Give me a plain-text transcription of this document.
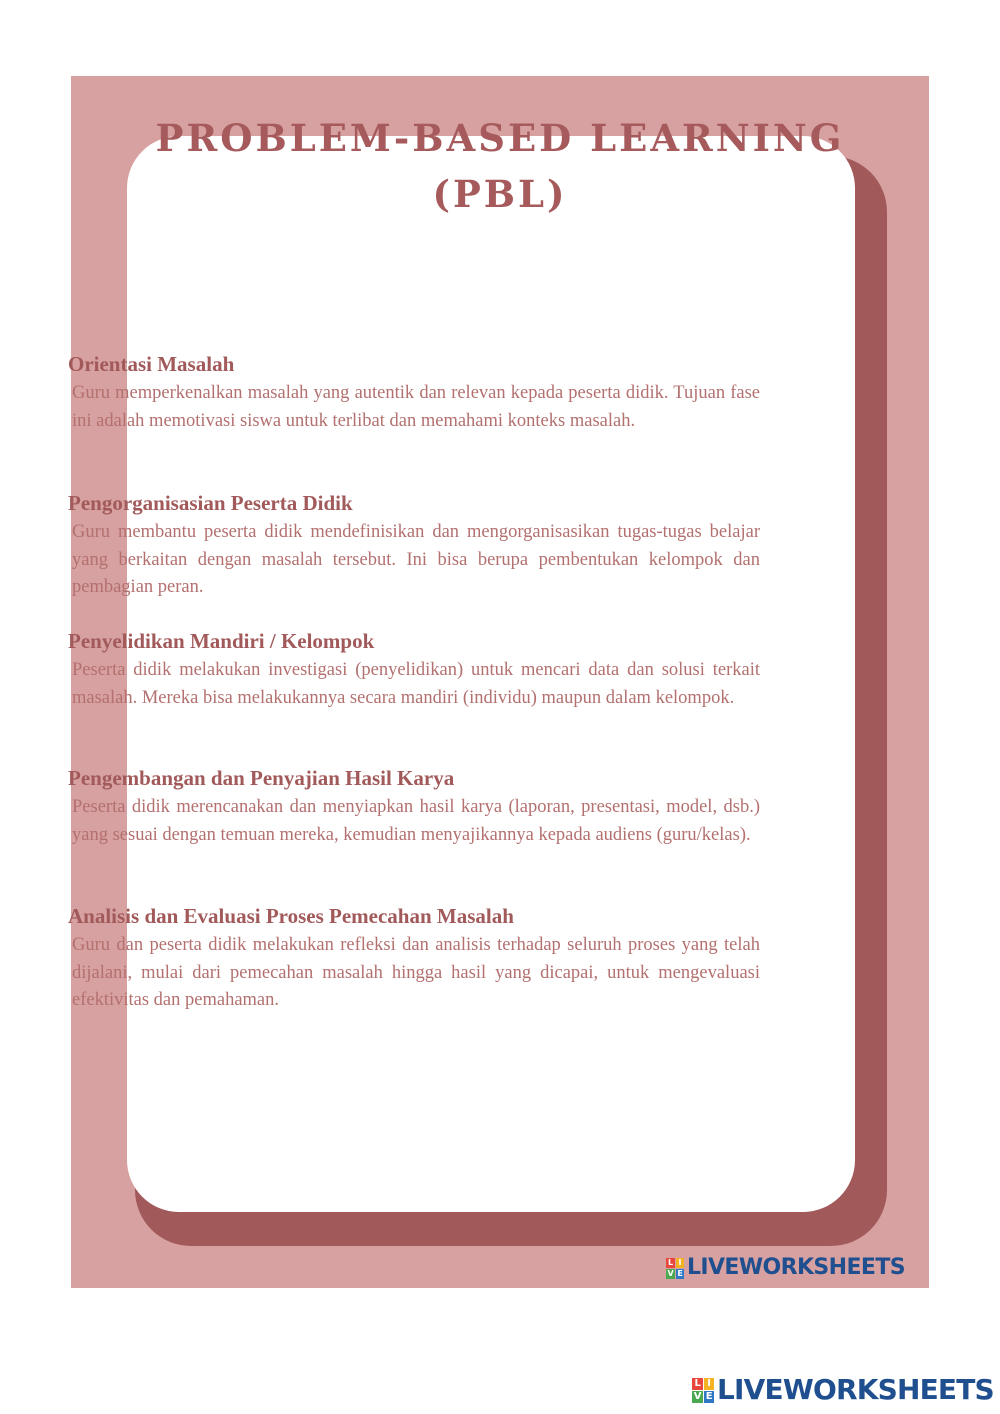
PROBLEM-BASED LEARNING
(PBL)
Orientasi Masalah

Guru memperkenalkan masalah yang autentik dan relevan kepada peserta didik. Tujuan fase ini adalah memotivasi siswa untuk terlibat dan memahami konteks masalah.

Pengorganisasian Peserta Didik

Guru membantu peserta didik mendefinisikan dan mengorganisasikan tugas-tugas belajar yang berkaitan dengan masalah tersebut. Ini bisa berupa pembentukan kelompok dan pembagian peran.

Penyelidikan Mandiri / Kelompok

Peserta didik melakukan investigasi (penyelidikan) untuk mencari data dan solusi terkait masalah. Mereka bisa melakukannya secara mandiri (individu) maupun dalam kelompok.

Pengembangan dan Penyajian Hasil Karya

Peserta didik merencanakan dan menyiapkan hasil karya (laporan, presentasi, model, dsb.) yang sesuai dengan temuan mereka, kemudian menyajikannya kepada audiens (guru/kelas).

Analisis dan Evaluasi Proses Pemecahan Masalah

Guru dan peserta didik melakukan refleksi dan analisis terhadap seluruh proses yang telah dijalani, mulai dari pemecahan masalah hingga hasil yang dicapai, untuk mengevaluasi efektivitas dan pemahaman.

L I
V E LIVEWORKSHEETS
L I
V E LIVEWORKSHEETS
